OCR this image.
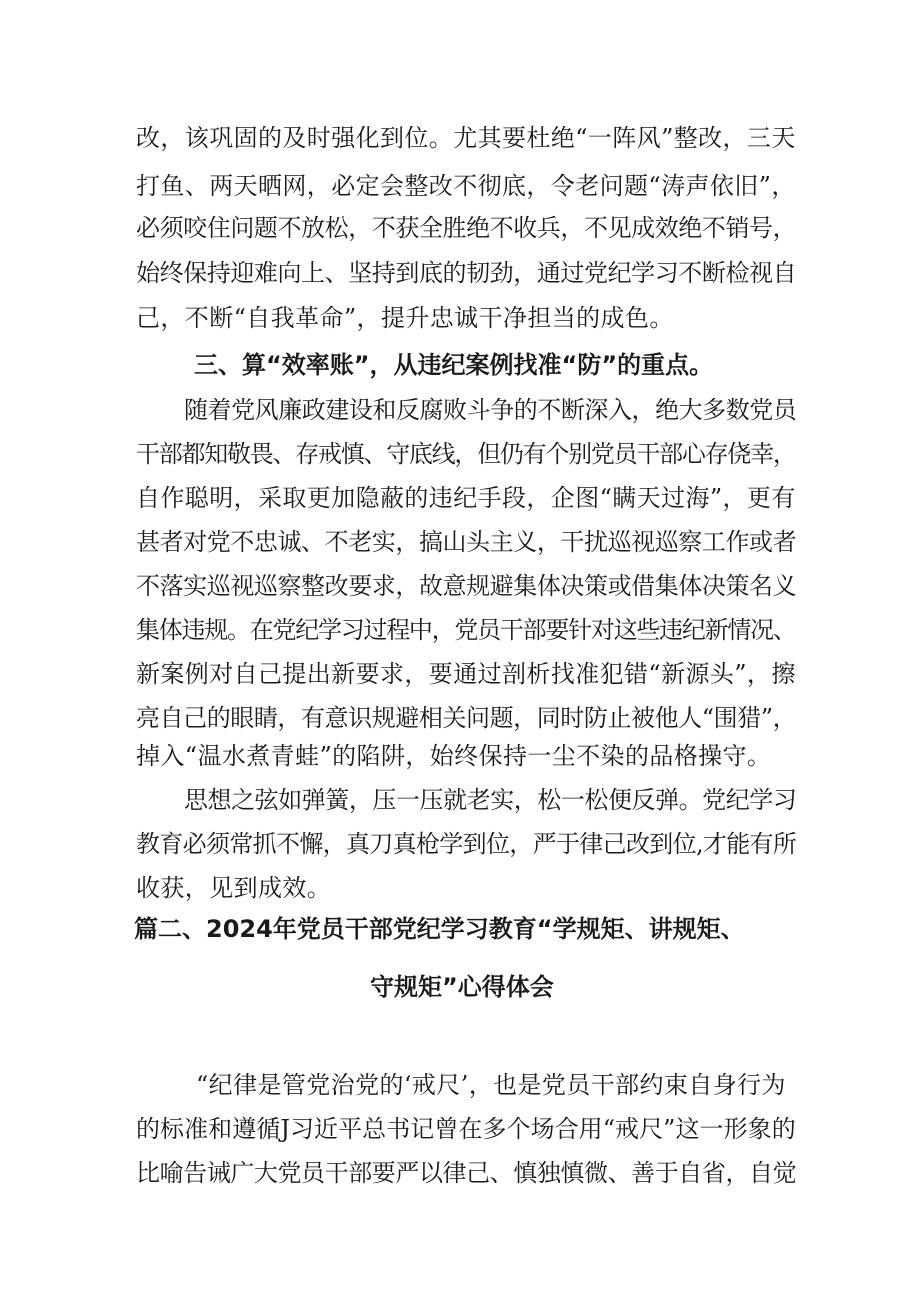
改，该巩固的及时强化到位。尤其要杜绝“一阵风”整改，三天
打鱼、两天晒网，必定会整改不彻底，令老问题“涛声依旧”，
必须咬住问题不放松，不获全胜绝不收兵，不见成效绝不销号，
始终保持迎难向上、坚持到底的韧劲，通过党纪学习不断检视自
己，不断“自我革命”，提升忠诚干净担当的成色。
三、算“效率账”，从违纪案例找准“防”的重点。
随着党风廉政建设和反腐败斗争的不断深入，绝大多数党员
干部都知敬畏、存戒慎、守底线，但仍有个别党员干部心存侥幸，
自作聪明，采取更加隐蔽的违纪手段，企图“瞒天过海”，更有
甚者对党不忠诚、不老实，搞山头主义，干扰巡视巡察工作或者
不落实巡视巡察整改要求，故意规避集体决策或借集体决策名义
集体违规。在党纪学习过程中，党员干部要针对这些违纪新情况、
新案例对自己提出新要求，要通过剖析找准犯错“新源头”，擦
亮自己的眼睛，有意识规避相关问题，同时防止被他人“围猎”，
掉入“温水煮青蛙”的陷阱，始终保持一尘不染的品格操守。
思想之弦如弹簧，压一压就老实，松一松便反弹。党纪学习
教育必须常抓不懈，真刀真枪学到位，严于律己改到位,才能有所
收获，见到成效。
篇二、2024年党员干部党纪学习教育“学规矩、讲规矩、
守规矩”心得体会
“纪律是管党治党的‘戒尺’，也是党员干部约束自身行为
的标准和遵循J习近平总书记曾在多个场合用“戒尺”这一形象的
比喻告诫广大党员干部要严以律己、慎独慎微、善于自省，自觉
